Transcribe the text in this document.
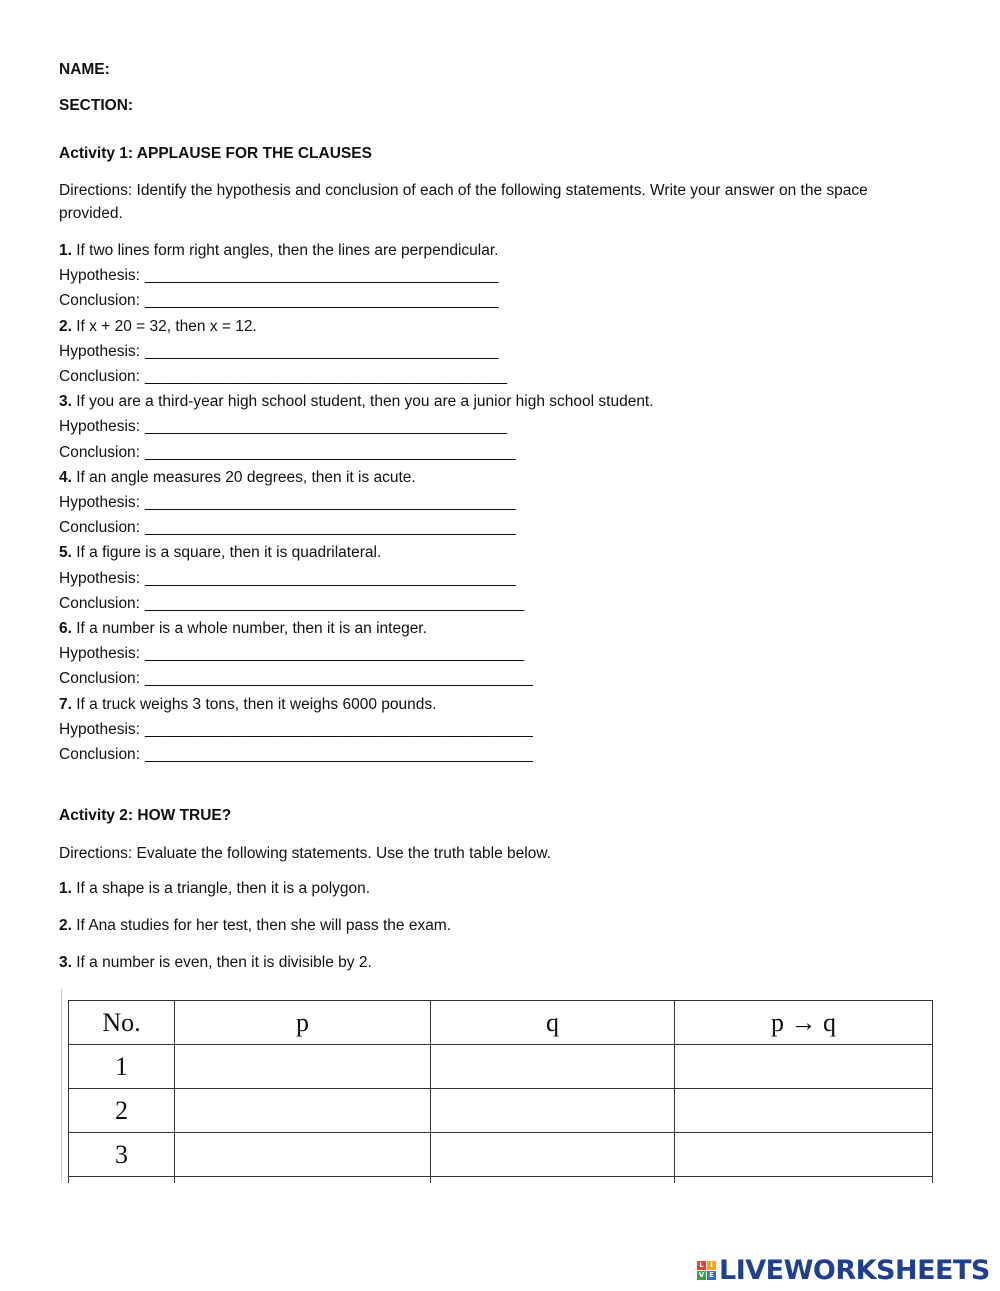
NAME:
SECTION:
Activity 1: APPLAUSE FOR THE CLAUSES
Directions: Identify the hypothesis and conclusion of each of the following statements. Write your answer on the space
provided.
1. If two lines form right angles, then the lines are perpendicular.
Hypothesis: _________________________________________
Conclusion: _________________________________________
2. If x + 20 = 32, then x = 12.
Hypothesis: _________________________________________
Conclusion: __________________________________________
3. If you are a third-year high school student, then you are a junior high school student.
Hypothesis: __________________________________________
Conclusion: ___________________________________________
4. If an angle measures 20 degrees, then it is acute.
Hypothesis: ___________________________________________
Conclusion: ___________________________________________
5. If a figure is a square, then it is quadrilateral.
Hypothesis: ___________________________________________
Conclusion: ____________________________________________
6. If a number is a whole number, then it is an integer.
Hypothesis: ____________________________________________
Conclusion: _____________________________________________
7. If a truck weighs 3 tons, then it weighs 6000 pounds.
Hypothesis: _____________________________________________
Conclusion: _____________________________________________
Activity 2: HOW TRUE?
Directions: Evaluate the following statements. Use the truth table below.
1. If a shape is a triangle, then it is a polygon.
2. If Ana studies for her test, then she will pass the exam.
3. If a number is even, then it is divisible by 2.
No.	p	q	p → q
1			
2			
3			

L I
V E LIVEWORKSHEETS
